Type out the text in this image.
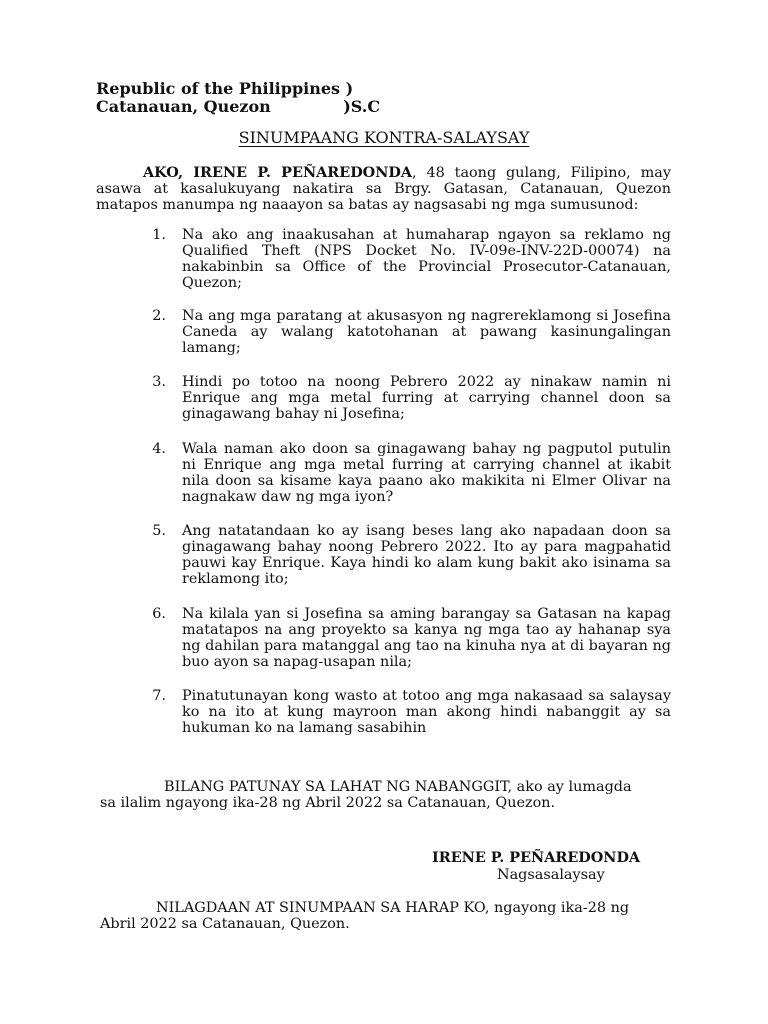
Republic of the Philippines )
Catanauan, Quezon             )S.C
SINUMPAANG KONTRA-SALAYSAY
AKO, IRENE P. PEÑAREDONDA, 48 taong gulang, Filipino, may asawa at kasalukuyang nakatira sa Brgy. Gatasan, Catanauan, Quezon matapos manumpa ng naaayon sa batas ay nagsasabi ng mga sumusunod:
1. Na ako ang inaakusahan at humaharap ngayon sa reklamo ng Qualified Theft (NPS Docket No. IV-09e-INV-22D-00074) na nakabinbin sa Office of the Provincial Prosecutor-Catanauan, Quezon;
2. Na ang mga paratang at akusasyon ng nagrereklamong si Josefina Caneda ay walang katotohanan at pawang kasinungalingan lamang;
3. Hindi po totoo na noong Pebrero 2022 ay ninakaw namin ni Enrique ang mga metal furring at carrying channel doon sa ginagawang bahay ni Josefina;
4. Wala naman ako doon sa ginagawang bahay ng pagputol putulin ni Enrique ang mga metal furring at carrying channel at ikabit nila doon sa kisame kaya paano ako makikita ni Elmer Olivar na nagnakaw daw ng mga iyon?
5. Ang natatandaan ko ay isang beses lang ako napadaan doon sa ginagawang bahay noong Pebrero 2022. Ito ay para magpahatid pauwi kay Enrique. Kaya hindi ko alam kung bakit ako isinama sa reklamong ito;
6. Na kilala yan si Josefina sa aming barangay sa Gatasan na kapag matatapos na ang proyekto sa kanya ng mga tao ay hahanap sya ng dahilan para matanggal ang tao na kinuha nya at di bayaran ng buo ayon sa napag-usapan nila;
7. Pinatutunayan kong wasto at totoo ang mga nakasaad sa salaysay ko na ito at kung mayroon man akong hindi nabanggit ay sa hukuman ko na lamang sasabihin
BILANG PATUNAY SA LAHAT NG NABANGGIT, ako ay lumagda
sa ilalim ngayong ika-28 ng Abril 2022 sa Catanauan, Quezon.
IRENE P. PEÑAREDONDA
Nagsasalaysay
NILAGDAAN AT SINUMPAAN SA HARAP KO, ngayong ika-28 ng
Abril 2022 sa Catanauan, Quezon.
